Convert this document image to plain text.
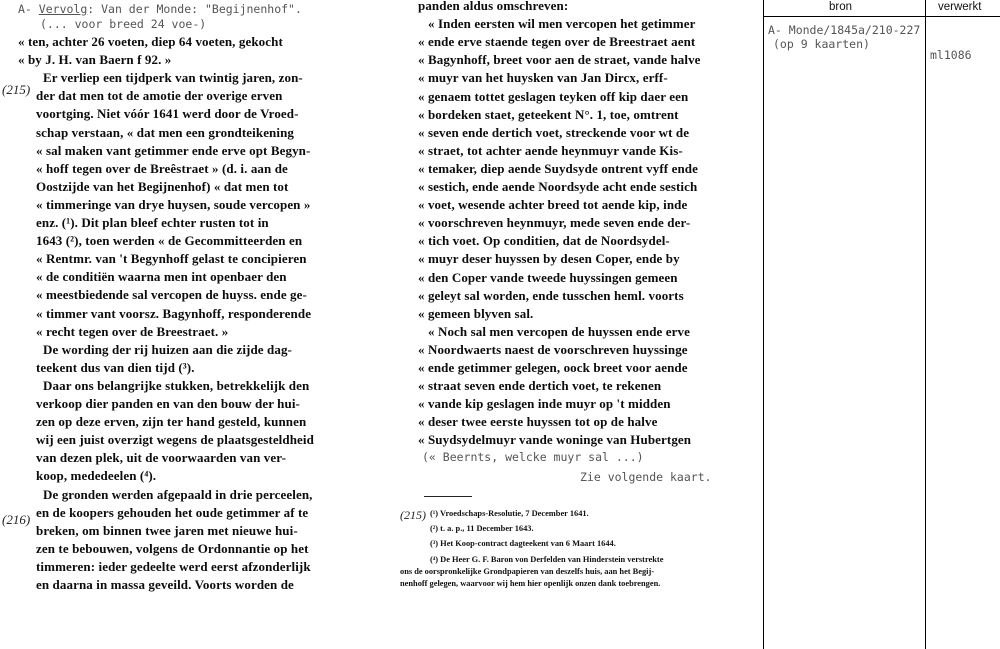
A- Vervolg: Van der Monde: "Begijnenhof".
(... voor breed 24 voe-)
« ten, achter 26 voeten, diep 64 voeten, gekocht
« by J. H. van Baern f 92. »
Er verliep een tijdperk van twintig jaren, zon-
der dat men tot de amotie der overige erven
voortging. Niet vóór 1641 werd door de Vroed-
schap verstaan, « dat men een grondteikening
« sal maken vant getimmer ende erve opt Begyn-
« hoff tegen over de Breêstraet » (d. i. aan de
Oostzijde van het Begijnenhof) « dat men tot
« timmeringe van drye huysen, soude vercopen »
enz. (¹). Dit plan bleef echter rusten tot in
1643 (²), toen werden « de Gecommitteerden en
« Rentmr. van 't Begynhoff gelast te concipieren
« de conditiën waarna men int openbaer den
« meestbiedende sal vercopen de huyss. ende ge-
« timmer vant voorsz. Bagynhoff, responderende
« recht tegen over de Breestraet. »
De wording der rij huizen aan die zijde dag-
teekent dus van dien tijd (³).
Daar ons belangrijke stukken, betrekkelijk den
verkoop dier panden en van den bouw der hui-
zen op deze erven, zijn ter hand gesteld, kunnen
wij een juist overzigt wegens de plaatsgesteldheid
van dezen plek, uit de voorwaarden van ver-
koop, mededeelen (⁴).
De gronden werden afgepaald in drie perceelen,
en de koopers gehouden het oude getimmer af te
breken, om binnen twee jaren met nieuwe hui-
zen te bebouwen, volgens de Ordonnantie op het
timmeren: ieder gedeelte werd eerst afzonderlijk
en daarna in massa geveild. Voorts worden de
(215)
(216)
panden aldus omschreven:
« Inden eersten wil men vercopen het getimmer
« ende erve staende tegen over de Breestraet aent
« Bagynhoff, breet voor aen de straet, vande halve
« muyr van het huysken van Jan Dircx, erff-
« genaem tottet geslagen teyken off kip daer een
« bordeken staet, geteekent N°. 1, toe, omtrent
« seven ende dertich voet, streckende voor wt de
« straet, tot achter aende heynmuyr vande Kis-
« temaker, diep aende Suydsyde ontrent vyff ende
« sestich, ende aende Noordsyde acht ende sestich
« voet, wesende achter breed tot aende kip, inde
« voorschreven heynmuyr, mede seven ende der-
« tich voet. Op conditien, dat de Noordsydel-
« muyr deser huyssen by desen Coper, ende by
« den Coper vande tweede huyssingen gemeen
« geleyt sal worden, ende tusschen heml. voorts
« gemeen blyven sal.
« Noch sal men vercopen de huyssen ende erve
« Noordwaerts naest de voorschreven huyssinge
« ende getimmer gelegen, oock breet voor aende
« straat seven ende dertich voet, te rekenen
« vande kip geslagen inde muyr op 't midden
« deser twee eerste huyssen tot op de halve
« Suydsydelmuyr vande woninge van Hubertgen
(« Beernts, welcke muyr sal ...)
Zie volgende kaart.
(215) (¹) Vroedschaps-Resolutie, 7 December 1641.
(²) t. a. p., 11 December 1643.
(³) Het Koop-contract dagteekent van 6 Maart 1644.
(⁴) De Heer G. F. Baron von Derfelden van Hinderstein verstrekte
ons de oorspronkelijke Grondpapieren van deszelfs huis, aan het Begij-
nenhoff gelegen, waarvoor wij hem hier openlijk onzen dank toebrengen.
bron	verwerkt
A- Monde/1845a/210-227
(op 9 kaarten)
ml1086
